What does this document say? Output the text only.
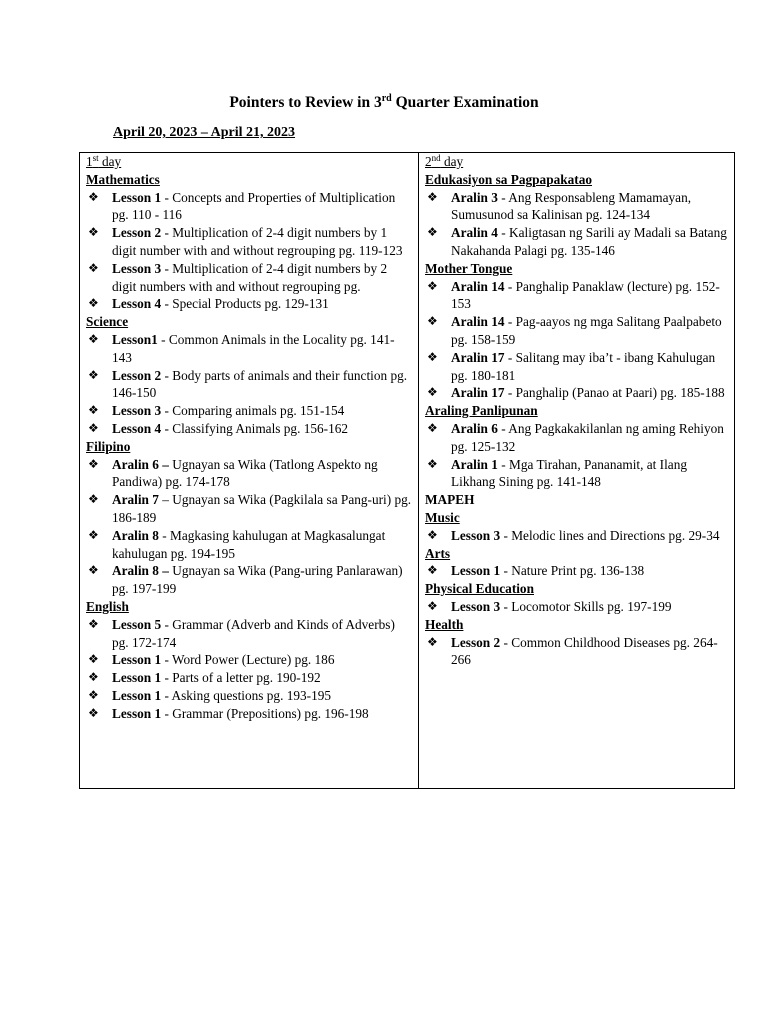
Pointers to Review in 3rd Quarter Examination
April 20, 2023 – April 21, 2023
1st day
Mathematics
❖ Lesson 1 - Concepts and Properties of Multiplication pg. 110 - 116
❖ Lesson 2 - Multiplication of 2-4 digit numbers by 1 digit number with and without regrouping pg. 119-123
❖ Lesson 3 - Multiplication of 2-4 digit numbers by 2 digit numbers with and without regrouping pg.
❖ Lesson 4 - Special Products pg. 129-131
Science
❖ Lesson1 - Common Animals in the Locality pg. 141-143
❖ Lesson 2 - Body parts of animals and their function pg. 146-150
❖ Lesson 3 - Comparing animals pg. 151-154
❖ Lesson 4 - Classifying Animals pg. 156-162
Filipino
❖ Aralin 6 – Ugnayan sa Wika (Tatlong Aspekto ng Pandiwa) pg. 174-178
❖ Aralin 7 – Ugnayan sa Wika (Pagkilala sa Pang-uri) pg. 186-189
❖ Aralin 8 - Magkasing kahulugan at Magkasalungat kahulugan pg. 194-195
❖ Aralin 8 – Ugnayan sa Wika (Pang-uring Panlarawan) pg. 197-199
English
❖ Lesson 5 - Grammar (Adverb and Kinds of Adverbs) pg. 172-174
❖ Lesson 1 - Word Power (Lecture) pg. 186
❖ Lesson 1 - Parts of a letter pg. 190-192
❖ Lesson 1 - Asking questions pg. 193-195
❖ Lesson 1 - Grammar (Prepositions) pg. 196-198

2nd day
Edukasiyon sa Pagpapakatao
❖ Aralin 3 - Ang Responsableng Mamamayan, Sumusunod sa Kalinisan pg. 124-134
❖ Aralin 4 - Kaligtasan ng Sarili ay Madali sa Batang Nakahanda Palagi pg. 135-146
Mother Tongue
❖ Aralin 14 - Panghalip Panaklaw (lecture) pg. 152-153
❖ Aralin 14 - Pag-aayos ng mga Salitang Paalpabeto pg. 158-159
❖ Aralin 17 - Salitang may iba’t - ibang Kahulugan pg. 180-181
❖ Aralin 17 - Panghalip (Panao at Paari) pg. 185-188
Araling Panlipunan
❖ Aralin 6 - Ang Pagkakakilanlan ng aming Rehiyon pg. 125-132
❖ Aralin 1 - Mga Tirahan, Pananamit, at Ilang Likhang Sining pg. 141-148
MAPEH
Music
❖ Lesson 3 - Melodic lines and Directions pg. 29-34
Arts
❖ Lesson 1 - Nature Print pg. 136-138
Physical Education
❖ Lesson 3 - Locomotor Skills pg. 197-199
Health
❖ Lesson 2 - Common Childhood Diseases pg. 264-266
